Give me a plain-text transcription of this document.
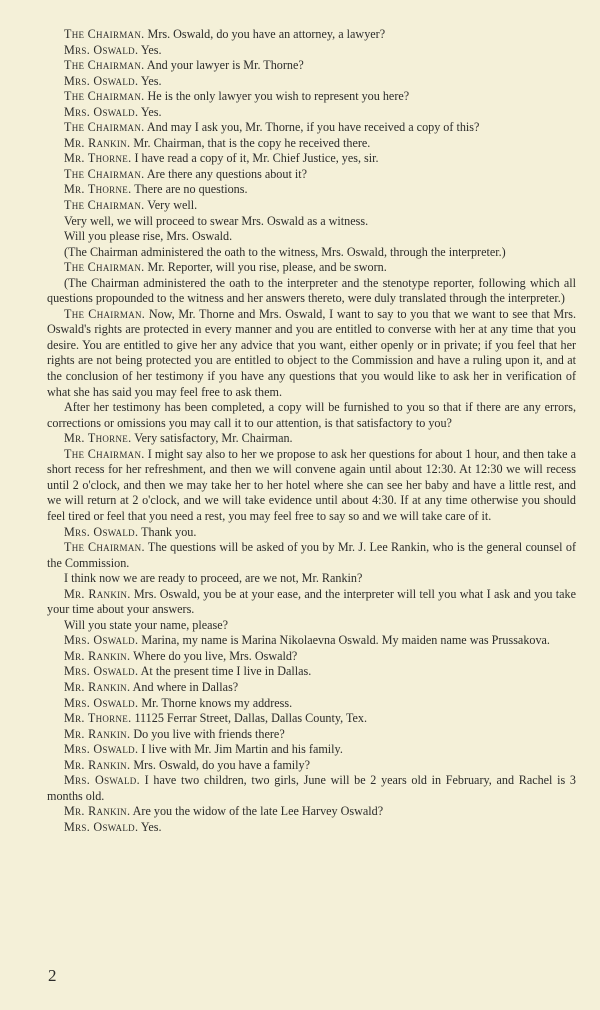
The Chairman. Mrs. Oswald, do you have an attorney, a lawyer?

Mrs. Oswald. Yes.

The Chairman. And your lawyer is Mr. Thorne?

Mrs. Oswald. Yes.

The Chairman. He is the only lawyer you wish to represent you here?

Mrs. Oswald. Yes.

The Chairman. And may I ask you, Mr. Thorne, if you have received a copy of this?

Mr. Rankin. Mr. Chairman, that is the copy he received there.

Mr. Thorne. I have read a copy of it, Mr. Chief Justice, yes, sir.

The Chairman. Are there any questions about it?

Mr. Thorne. There are no questions.

The Chairman. Very well.

Very well, we will proceed to swear Mrs. Oswald as a witness.

Will you please rise, Mrs. Oswald.

(The Chairman administered the oath to the witness, Mrs. Oswald, through the interpreter.)

The Chairman. Mr. Reporter, will you rise, please, and be sworn.

(The Chairman administered the oath to the interpreter and the stenotype reporter, following which all questions propounded to the witness and her answers thereto, were duly translated through the interpreter.)

The Chairman. Now, Mr. Thorne and Mrs. Oswald, I want to say to you that we want to see that Mrs. Oswald's rights are protected in every manner and you are entitled to converse with her at any time that you desire. You are entitled to give her any advice that you want, either openly or in private; if you feel that her rights are not being protected you are entitled to object to the Commission and have a ruling upon it, and at the conclusion of her testimony if you have any questions that you would like to ask her in verification of what she has said you may feel free to ask them.

After her testimony has been completed, a copy will be furnished to you so that if there are any errors, corrections or omissions you may call it to our attention, is that satisfactory to you?

Mr. Thorne. Very satisfactory, Mr. Chairman.

The Chairman. I might say also to her we propose to ask her questions for about 1 hour, and then take a short recess for her refreshment, and then we will convene again until about 12:30. At 12:30 we will recess until 2 o'clock, and then we may take her to her hotel where she can see her baby and have a little rest, and we will return at 2 o'clock, and we will take evidence until about 4:30. If at any time otherwise you should feel tired or feel that you need a rest, you may feel free to say so and we will take care of it.

Mrs. Oswald. Thank you.

The Chairman. The questions will be asked of you by Mr. J. Lee Rankin, who is the general counsel of the Commission.

I think now we are ready to proceed, are we not, Mr. Rankin?

Mr. Rankin. Mrs. Oswald, you be at your ease, and the interpreter will tell you what I ask and you take your time about your answers.

Will you state your name, please?

Mrs. Oswald. Marina, my name is Marina Nikolaevna Oswald. My maiden name was Prussakova.

Mr. Rankin. Where do you live, Mrs. Oswald?

Mrs. Oswald. At the present time I live in Dallas.

Mr. Rankin. And where in Dallas?

Mrs. Oswald. Mr. Thorne knows my address.

Mr. Thorne. 11125 Ferrar Street, Dallas, Dallas County, Tex.

Mr. Rankin. Do you live with friends there?

Mrs. Oswald. I live with Mr. Jim Martin and his family.

Mr. Rankin. Mrs. Oswald, do you have a family?

Mrs. Oswald. I have two children, two girls, June will be 2 years old in February, and Rachel is 3 months old.

Mr. Rankin. Are you the widow of the late Lee Harvey Oswald?

Mrs. Oswald. Yes.

2
